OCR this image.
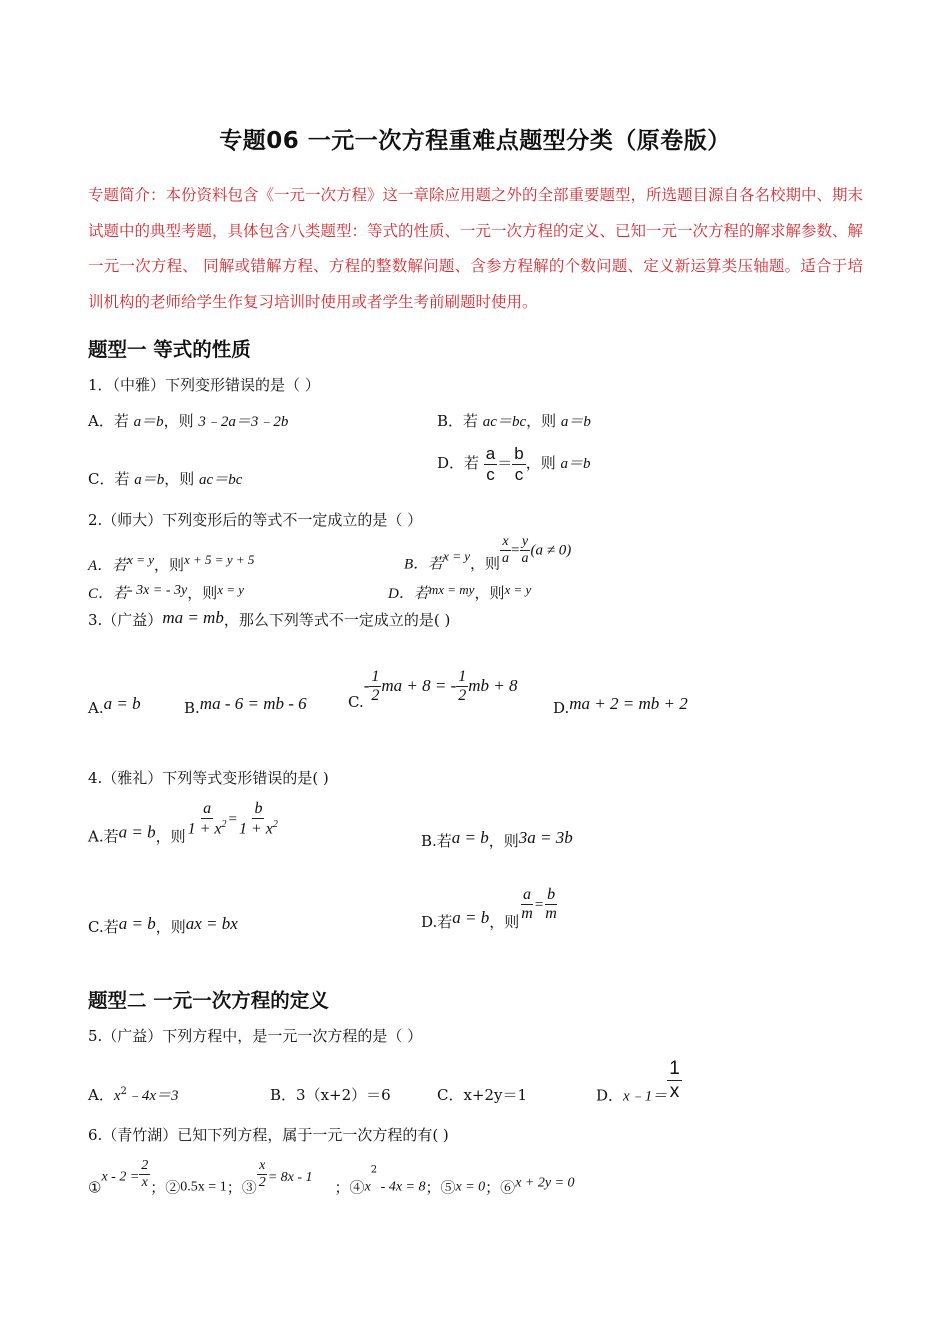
专题06 一元一次方程重难点题型分类（原卷版）
专题简介：本份资料包含《一元一次方程》这一章除应用题之外的全部重要题型，所选题目源自各名校期中、期末试题中的典型考题，具体包含八类题型：等式的性质、一元一次方程的定义、已知一元一次方程的解求解参数、解一元一次方程、 同解或错解方程、方程的整数解问题、含参方程解的个数问题、定义新运算类压轴题。适合于培训机构的老师给学生作复习培训时使用或者学生考前刷题时使用。
题型一 等式的性质
1．（中雅）下列变形错误的是（ ）
A．若 a＝b，则 3﹣2a＝3﹣2b	B．若 ac＝bc，则 a＝b
C．若 a＝b，则 ac＝bc
D．若 $\frac{a}{c} = \frac{b}{c}$ ，则 a＝b
2.（师大）下列变形后的等式不一定成立的是（ ）
A．若x = y，则x + 5 = y + 5	B．若x = y，则 $\frac{x}{a} = \frac{y}{a} (a \ne 0)$
C．若- 3x = - 3y，则x = y	D．若mx = my，则x = y
3.（广益）ma = mb，那么下列等式不一定成立的是( )
A.a = b	B.ma - 6 = mb - 6	$C.- \frac{1}{2}$ ma + 8 = - $\frac{1}{2}$ mb + 8
D.ma + 2 = mb + 2
4.（雅礼）下列等式变形错误的是( )
A.若a = b，则 $\frac{a}{1 + x^2} = \frac{b}{1 + x^2}$
B.若a = b，则3a = 3b
C.若a = b，则ax = bx	D.若a = b，则 $\frac{a}{m} = \frac{b}{m}$
题型二 一元一次方程的定义
5.（广益）下列方程中，是一元一次方程的是（ ）
A．$x^2﹣4x=3$	B．3（x+2）＝6	C．x+2y＝1	D．x﹣1＝ $\frac{1}{x}$
6.（青竹湖）已知下列方程，属于一元一次方程的有( )
①x - $2 = \frac{2}{x}$ ；②0.5x = 1；③ $\frac{x}{2} = 8x - 1$；$④x^2 - 4x = 8$；⑤x = 0；⑥x + 2y = 0
